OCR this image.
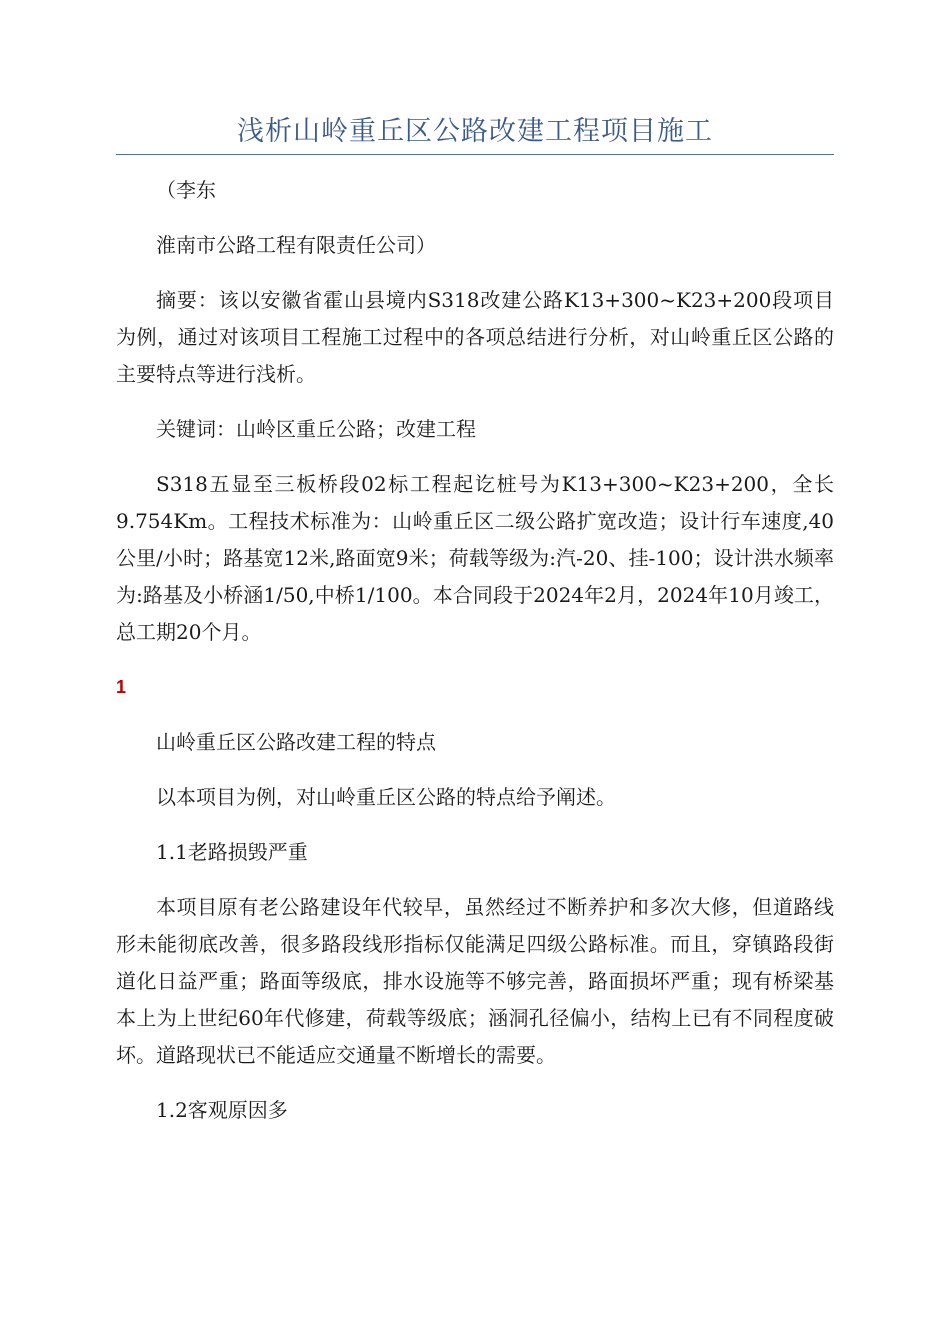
浅析山岭重丘区公路改建工程项目施工

（李东

淮南市公路工程有限责任公司）

摘要：该以安徽省霍山县境内S318改建公路K13+300~K23+200段项目为例，通过对该项目工程施工过程中的各项总结进行分析，对山岭重丘区公路的主要特点等进行浅析。

关键词：山岭区重丘公路；改建工程

S318五显至三板桥段02标工程起讫桩号为K13+300~K23+200，全长9.754Km。工程技术标准为：山岭重丘区二级公路扩宽改造；设计行车速度,40公里/小时；路基宽12米,路面宽9米；荷载等级为:汽-20、挂-100；设计洪水频率为:路基及小桥涵1/50,中桥1/100。本合同段于2024年2月，2024年10月竣工，总工期20个月。

1

山岭重丘区公路改建工程的特点

以本项目为例，对山岭重丘区公路的特点给予阐述。

1.1老路损毁严重

本项目原有老公路建设年代较早，虽然经过不断养护和多次大修，但道路线形未能彻底改善，很多路段线形指标仅能满足四级公路标准。而且，穿镇路段街道化日益严重；路面等级底，排水设施等不够完善，路面损坏严重；现有桥梁基本上为上世纪60年代修建，荷载等级底；涵洞孔径偏小，结构上已有不同程度破坏。道路现状已不能适应交通量不断增长的需要。

1.2客观原因多
